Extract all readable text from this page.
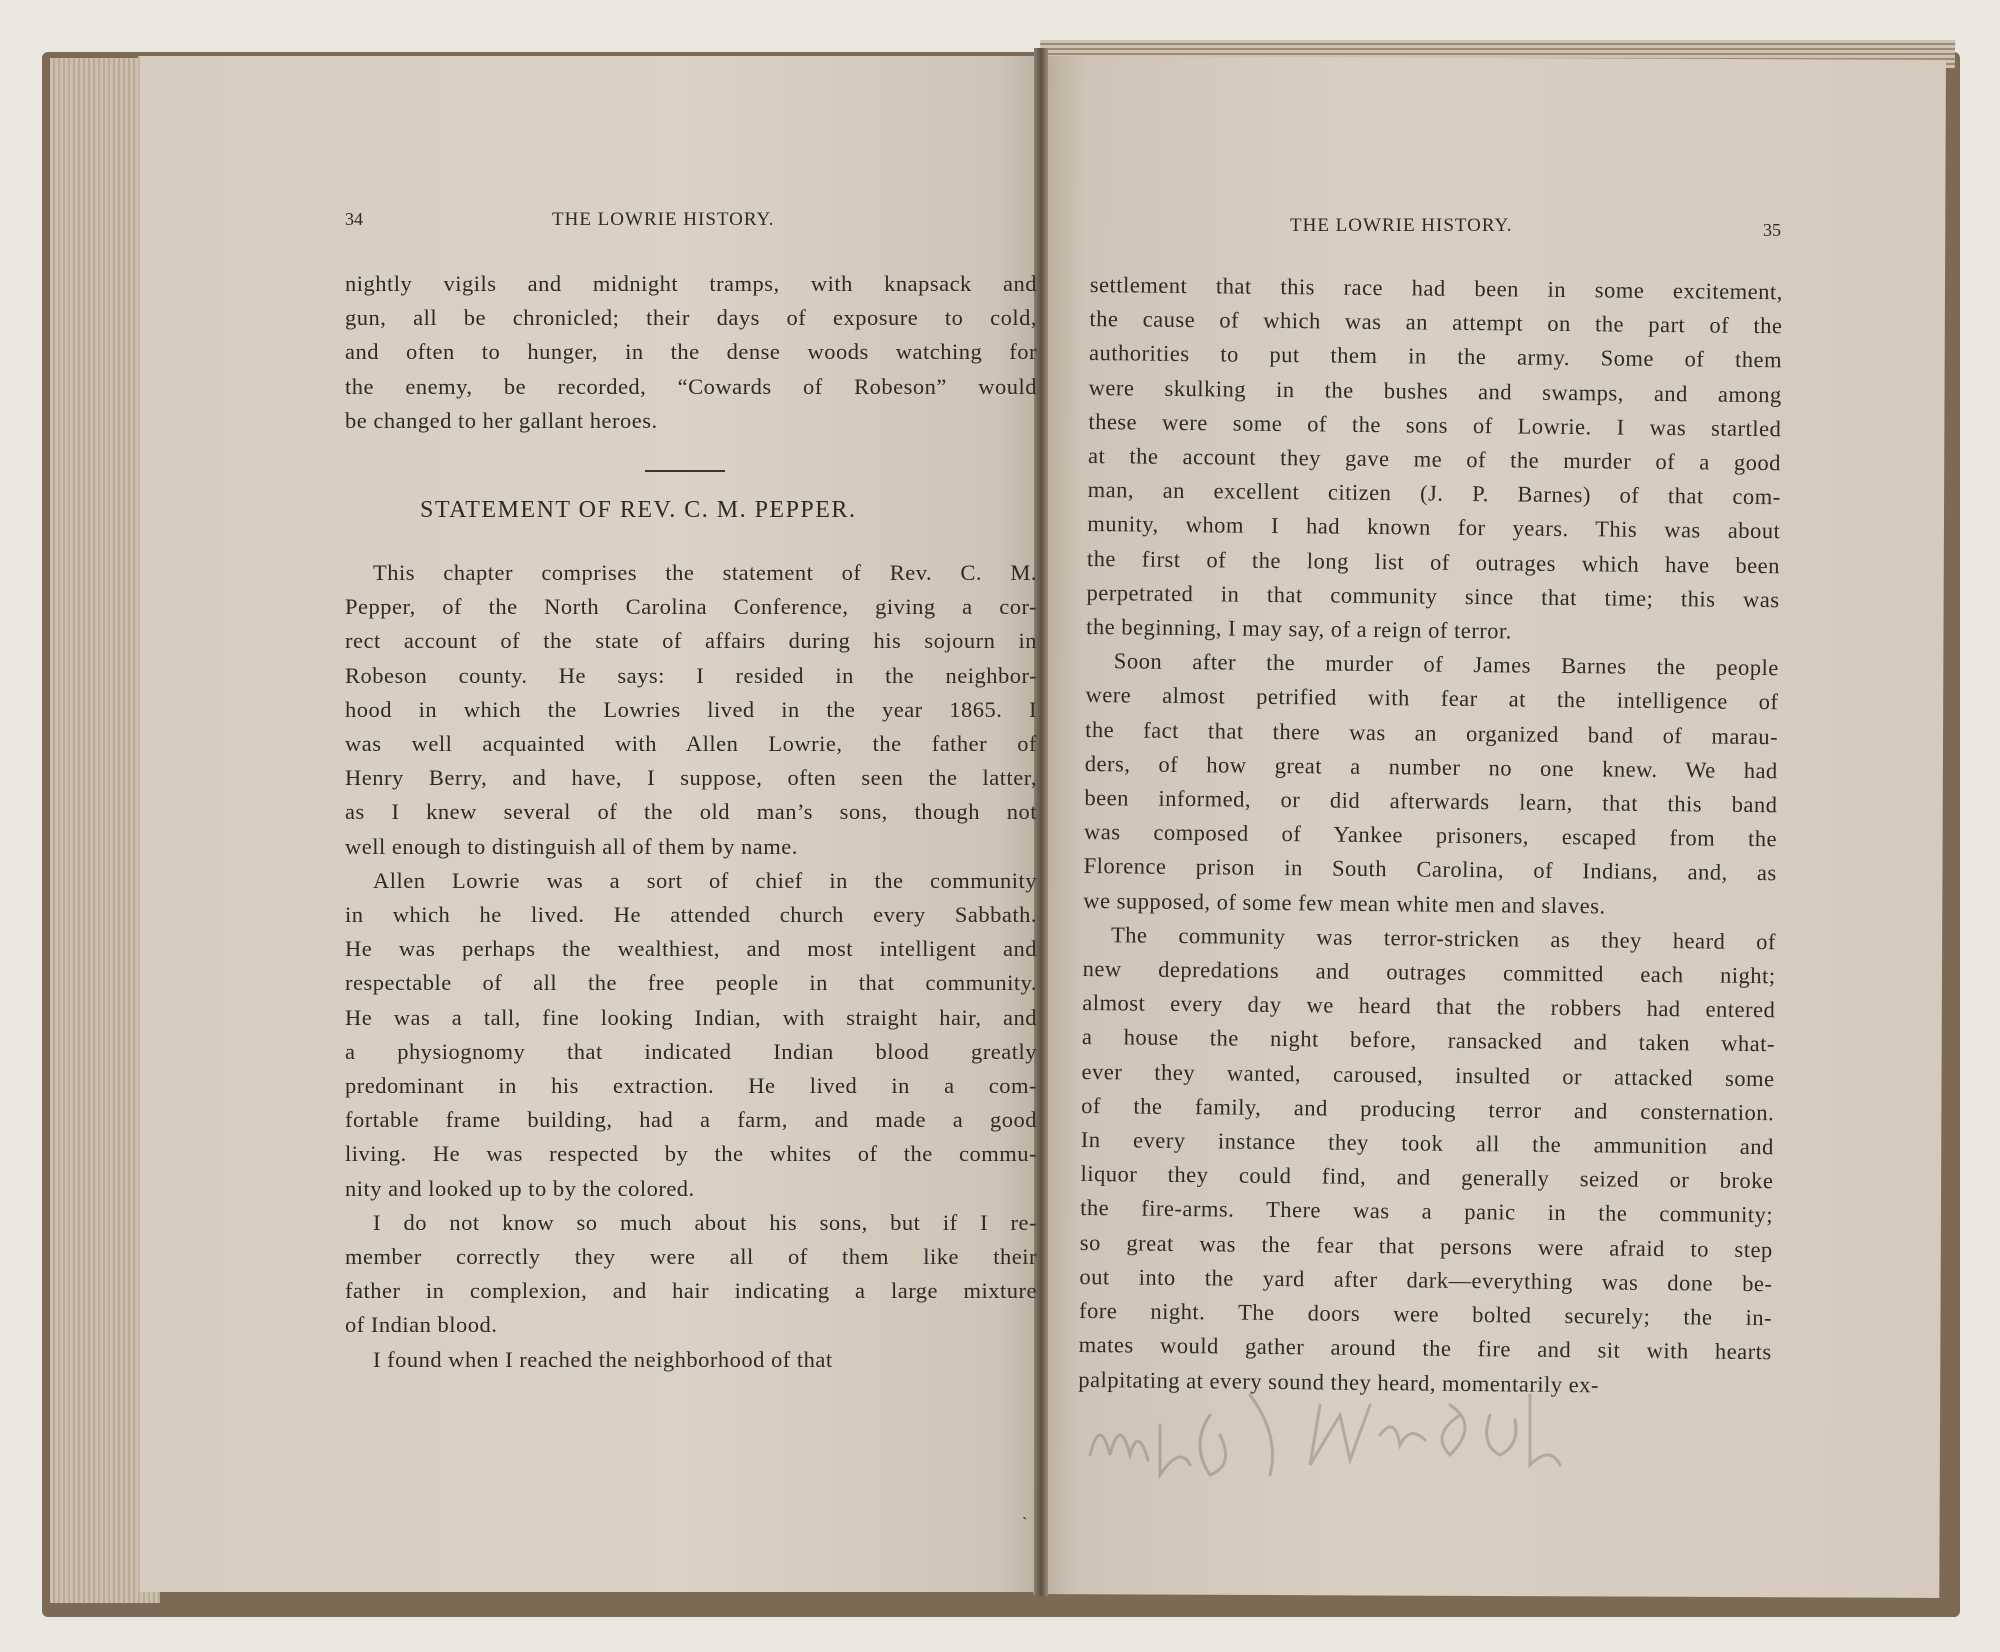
34	THE LOWRIE HISTORY.
nightly vigils and midnight tramps, with knapsack and
gun, all be chronicled; their days of exposure to cold,
and often to hunger, in the dense woods watching for
the enemy, be recorded, “Cowards of Robeson” would
be changed to her gallant heroes.
STATEMENT OF REV. C. M. PEPPER.
This chapter comprises the statement of Rev. C. M.
Pepper, of the North Carolina Conference, giving a cor-
rect account of the state of affairs during his sojourn in
Robeson county. He says: I resided in the neighbor-
hood in which the Lowries lived in the year 1865. I
was well acquainted with Allen Lowrie, the father of
Henry Berry, and have, I suppose, often seen the latter,
as I knew several of the old man’s sons, though not
well enough to distinguish all of them by name.
Allen Lowrie was a sort of chief in the community
in which he lived. He attended church every Sabbath.
He was perhaps the wealthiest, and most intelligent and
respectable of all the free people in that community.
He was a tall, fine looking Indian, with straight hair, and
a physiognomy that indicated Indian blood greatly
predominant in his extraction. He lived in a com-
fortable frame building, had a farm, and made a good
living. He was respected by the whites of the commu-
nity and looked up to by the colored.
I do not know so much about his sons, but if I re-
member correctly they were all of them like their
father in complexion, and hair indicating a large mixture
of Indian blood.
I found when I reached the neighborhood of that
THE LOWRIE HISTORY.	35
settlement that this race had been in some excitement,
the cause of which was an attempt on the part of the
authorities to put them in the army. Some of them
were skulking in the bushes and swamps, and among
these were some of the sons of Lowrie. I was startled
at the account they gave me of the murder of a good
man, an excellent citizen (J. P. Barnes) of that com-
munity, whom I had known for years. This was about
the first of the long list of outrages which have been
perpetrated in that community since that time; this was
the beginning, I may say, of a reign of terror.
Soon after the murder of James Barnes the people
were almost petrified with fear at the intelligence of
the fact that there was an organized band of marau-
ders, of how great a number no one knew. We had
been informed, or did afterwards learn, that this band
was composed of Yankee prisoners, escaped from the
Florence prison in South Carolina, of Indians, and, as
we supposed, of some few mean white men and slaves.
The community was terror-stricken as they heard of
new depredations and outrages committed each night;
almost every day we heard that the robbers had entered
a house the night before, ransacked and taken what-
ever they wanted, caroused, insulted or attacked some
of the family, and producing terror and consternation.
In every instance they took all the ammunition and
liquor they could find, and generally seized or broke
the fire-arms. There was a panic in the community;
so great was the fear that persons were afraid to step
out into the yard after dark—everything was done be-
fore night. The doors were bolted securely; the in-
mates would gather around the fire and sit with hearts
palpitating at every sound they heard, momentarily ex-
`
